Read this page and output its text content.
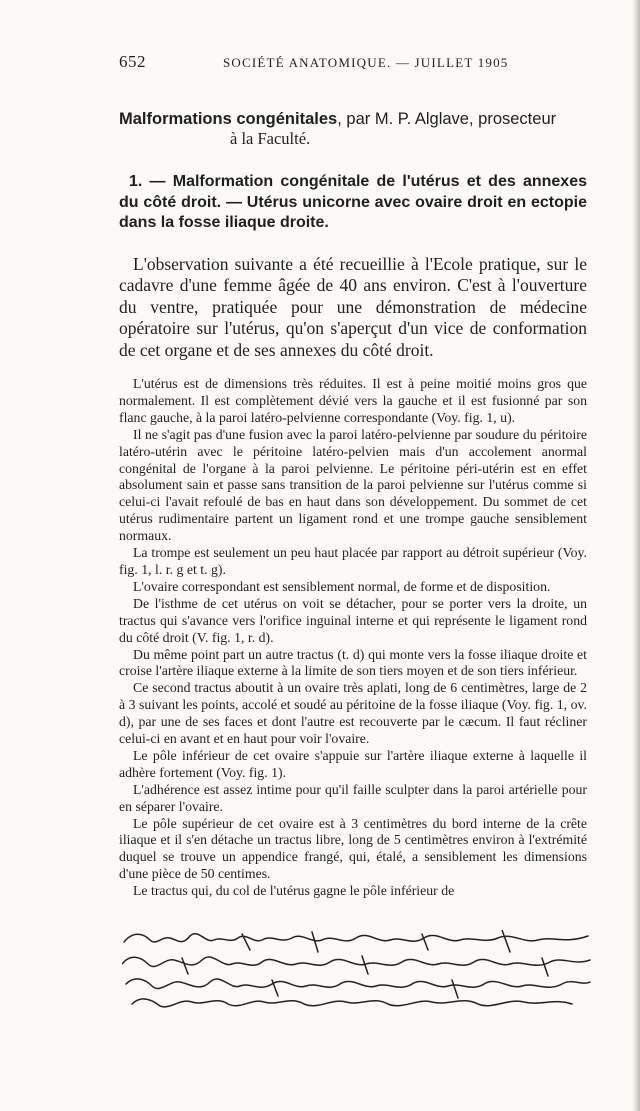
652	SOCIÉTÉ ANATOMIQUE. — JUILLET 1905
Malformations congénitales, par M. P. Alglave, prosecteur
à la Faculté.
1. — Malformation congénitale de l'utérus et des annexes du côté droit. — Utérus unicorne avec ovaire droit en ectopie dans la fosse iliaque droite.

L'observation suivante a été recueillie à l'Ecole pratique, sur le cadavre d'une femme âgée de 40 ans environ. C'est à l'ouverture du ventre, pratiquée pour une démonstration de médecine opératoire sur l'utérus, qu'on s'aperçut d'un vice de conformation de cet organe et de ses annexes du côté droit.

L'utérus est de dimensions très réduites. Il est à peine moitié moins gros que normalement. Il est complètement dévié vers la gauche et il est fusionné par son flanc gauche, à la paroi latéro-pelvienne correspondante (Voy. fig. 1, u).

Il ne s'agit pas d'une fusion avec la paroi latéro-pelvienne par soudure du péritoire latéro-utérin avec le péritoine latéro-pelvien mais d'un accolement anormal congénital de l'organe à la paroi pelvienne. Le péritoine péri-utérin est en effet absolument sain et passe sans transition de la paroi pelvienne sur l'utérus comme si celui-ci l'avait refoulé de bas en haut dans son développement. Du sommet de cet utérus rudimentaire partent un ligament rond et une trompe gauche sensiblement normaux.

La trompe est seulement un peu haut placée par rapport au détroit supérieur (Voy. fig. 1, l. r. g et t. g).

L'ovaire correspondant est sensiblement normal, de forme et de disposition.

De l'isthme de cet utérus on voit se détacher, pour se porter vers la droite, un tractus qui s'avance vers l'orifice inguinal interne et qui représente le ligament rond du côté droit (V. fig. 1, r. d).

Du même point part un autre tractus (t. d) qui monte vers la fosse iliaque droite et croise l'artère iliaque externe à la limite de son tiers moyen et de son tiers inférieur.

Ce second tractus aboutit à un ovaire très aplati, long de 6 centimètres, large de 2 à 3 suivant les points, accolé et soudé au péritoine de la fosse iliaque (Voy. fig. 1, ov. d), par une de ses faces et dont l'autre est recouverte par le cæcum. Il faut récliner celui-ci en avant et en haut pour voir l'ovaire.

Le pôle inférieur de cet ovaire s'appuie sur l'artère iliaque externe à laquelle il adhère fortement (Voy. fig. 1).

L'adhérence est assez intime pour qu'il faille sculpter dans la paroi artérielle pour en séparer l'ovaire.

Le pôle supérieur de cet ovaire est à 3 centimètres du bord interne de la crête iliaque et il s'en détache un tractus libre, long de 5 centimètres environ à l'extrémité duquel se trouve un appendice frangé, qui, étalé, a sensiblement les dimensions d'une pièce de 50 centimes.

Le tractus qui, du col de l'utérus gagne le pôle inférieur de
